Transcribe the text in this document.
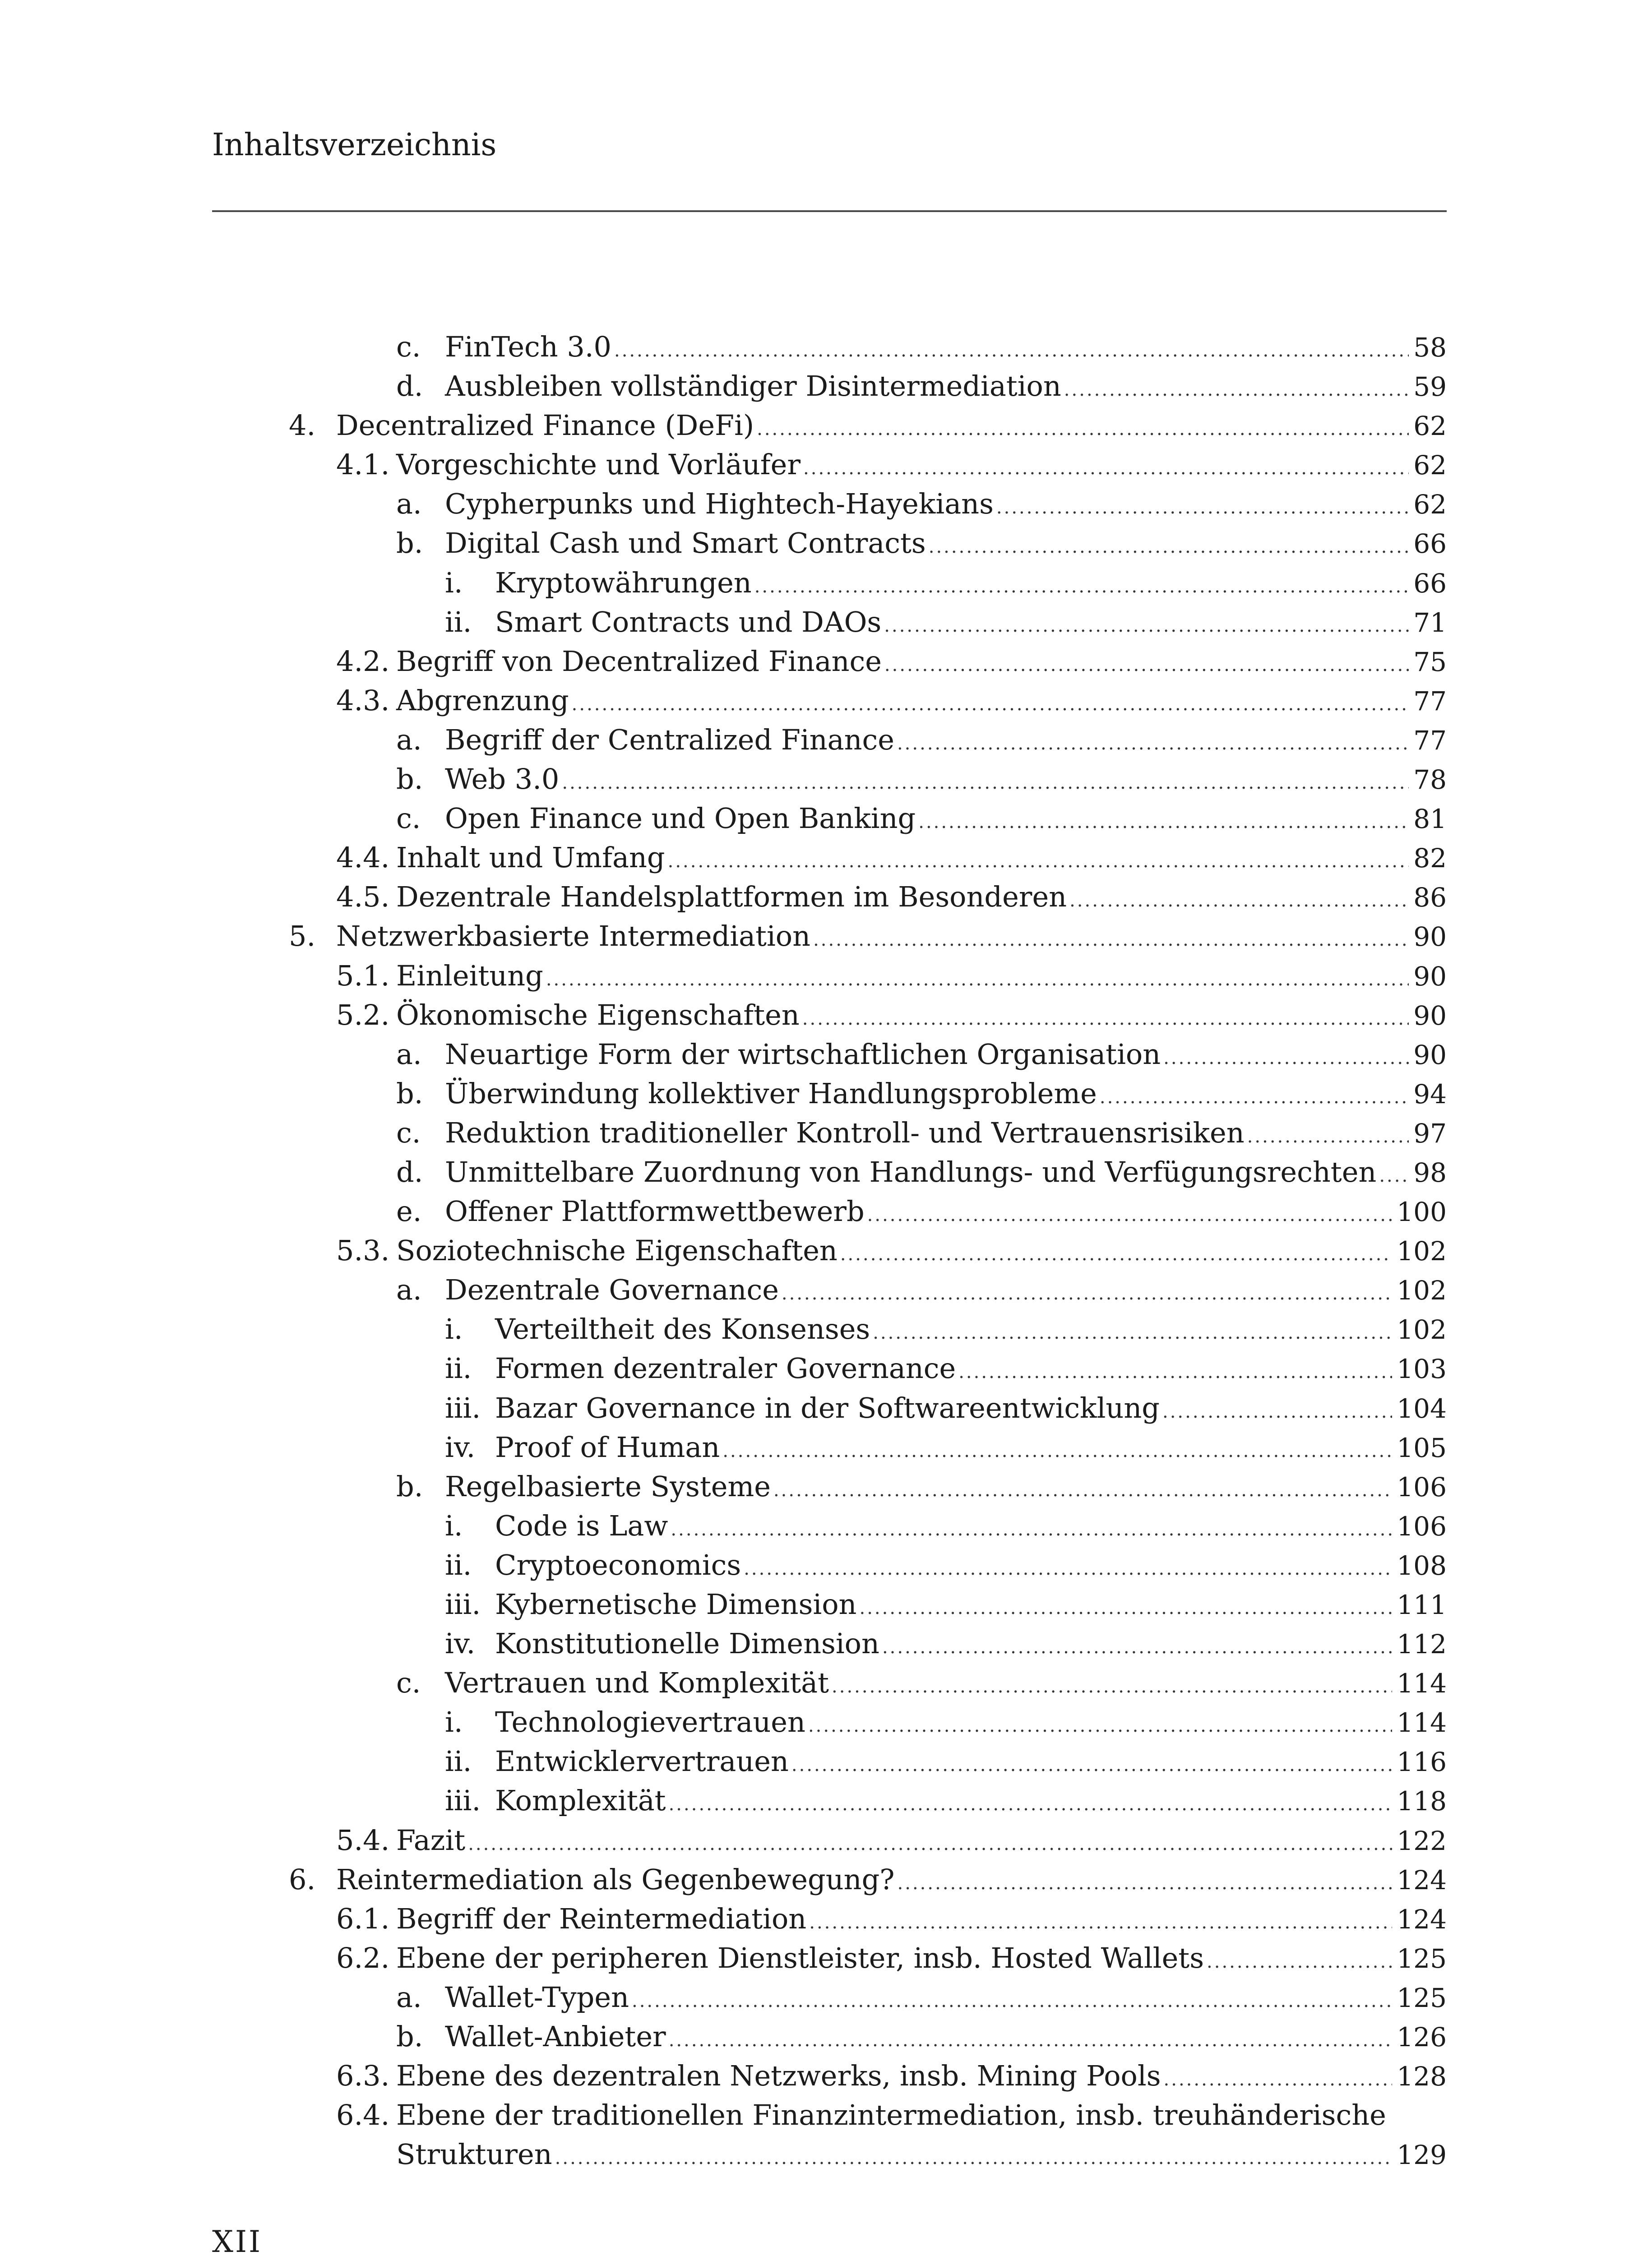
Inhaltsverzeichnis
c. FinTech 3.0 .....	58
d. Ausbleiben vollständiger Disintermediation .....	59
4. Decentralized Finance (DeFi) .....	62
4.1. Vorgeschichte und Vorläufer .....	62
a. Cypherpunks und Hightech-Hayekians .....	62
b. Digital Cash und Smart Contracts .....	66
i. Kryptowährungen .....	66
ii. Smart Contracts und DAOs .....	71
4.2. Begriff von Decentralized Finance .....	75
4.3. Abgrenzung .....	77
a. Begriff der Centralized Finance .....	77
b. Web 3.0 .....	78
c. Open Finance und Open Banking .....	81
4.4. Inhalt und Umfang .....	82
4.5. Dezentrale Handelsplattformen im Besonderen .....	86
5. Netzwerkbasierte Intermediation .....	90
5.1. Einleitung .....	90
5.2. Ökonomische Eigenschaften .....	90
a. Neuartige Form der wirtschaftlichen Organisation .....	90
b. Überwindung kollektiver Handlungsprobleme .....	94
c. Reduktion traditioneller Kontroll- und Vertrauensrisiken .....	97
d. Unmittelbare Zuordnung von Handlungs- und Verfügungsrechten ..... 98
e. Offener Plattformwettbewerb .....	100
5.3. Soziotechnische Eigenschaften .....	102
a. Dezentrale Governance .....	102
i. Verteiltheit des Konsenses .....	102
ii. Formen dezentraler Governance .....	103
iii. Bazar Governance in der Softwareentwicklung .....	104
iv. Proof of Human .....	105
b. Regelbasierte Systeme .....	106
i. Code is Law .....	106
ii. Cryptoeconomics .....	108
iii. Kybernetische Dimension .....	111
iv. Konstitutionelle Dimension .....	112
c. Vertrauen und Komplexität .....	114
i. Technologievertrauen .....	114
ii. Entwicklervertrauen .....	116
iii. Komplexität .....	118
5.4. Fazit .....	122
6. Reintermediation als Gegenbewegung? .....	124
6.1. Begriff der Reintermediation .....	124
6.2. Ebene der peripheren Dienstleister, insb. Hosted Wallets .....	125
a. Wallet-Typen .....	125
b. Wallet-Anbieter .....	126
6.3. Ebene des dezentralen Netzwerks, insb. Mining Pools .....	128
6.4. Ebene der traditionellen Finanzintermediation, insb. treuhänderische
Strukturen .....	129
XII
